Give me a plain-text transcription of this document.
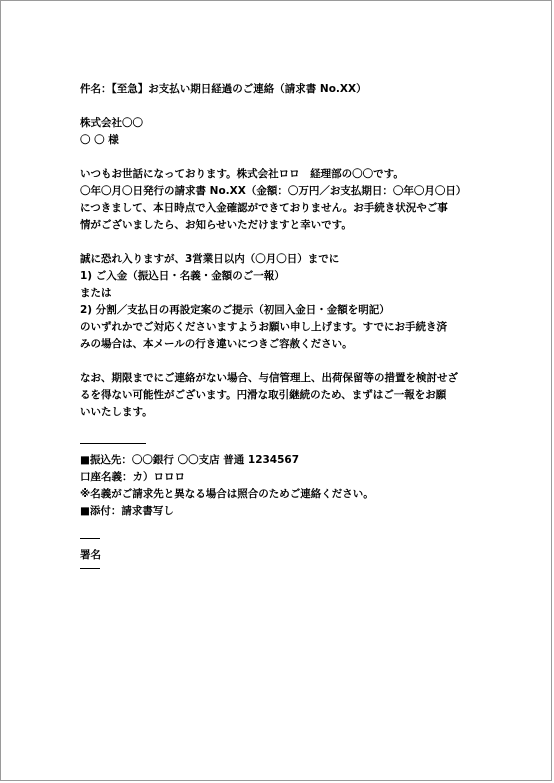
件名：【至急】お支払い期日経過のご連絡（請求書 No.XX）
株式会社〇〇
〇 〇 様
いつもお世話になっております。株式会社ロロ　経理部の〇〇です。
〇年〇月〇日発行の請求書 No.XX（金額：〇万円／お支払期日：〇年〇月〇日）
につきまして、本日時点で入金確認ができておりません。お手続き状況やご事
情がございましたら、お知らせいただけますと幸いです。
誠に恐れ入りますが、3営業日以内（〇月〇日）までに
1) ご入金（振込日・名義・金額のご一報）
または
2) 分割／支払日の再設定案のご提示（初回入金日・金額を明記）
のいずれかでご対応くださいますようお願い申し上げます。すでにお手続き済
みの場合は、本メールの行き違いにつきご容赦ください。
なお、期限までにご連絡がない場合、与信管理上、出荷保留等の措置を検討せざ
るを得ない可能性がございます。円滑な取引継続のため、まずはご一報をお願
いいたします。
■振込先：〇〇銀行 〇〇支店 普通 1234567
口座名義：カ）ロロロ
※名義がご請求先と異なる場合は照合のためご連絡ください。
■添付：請求書写し
署名
